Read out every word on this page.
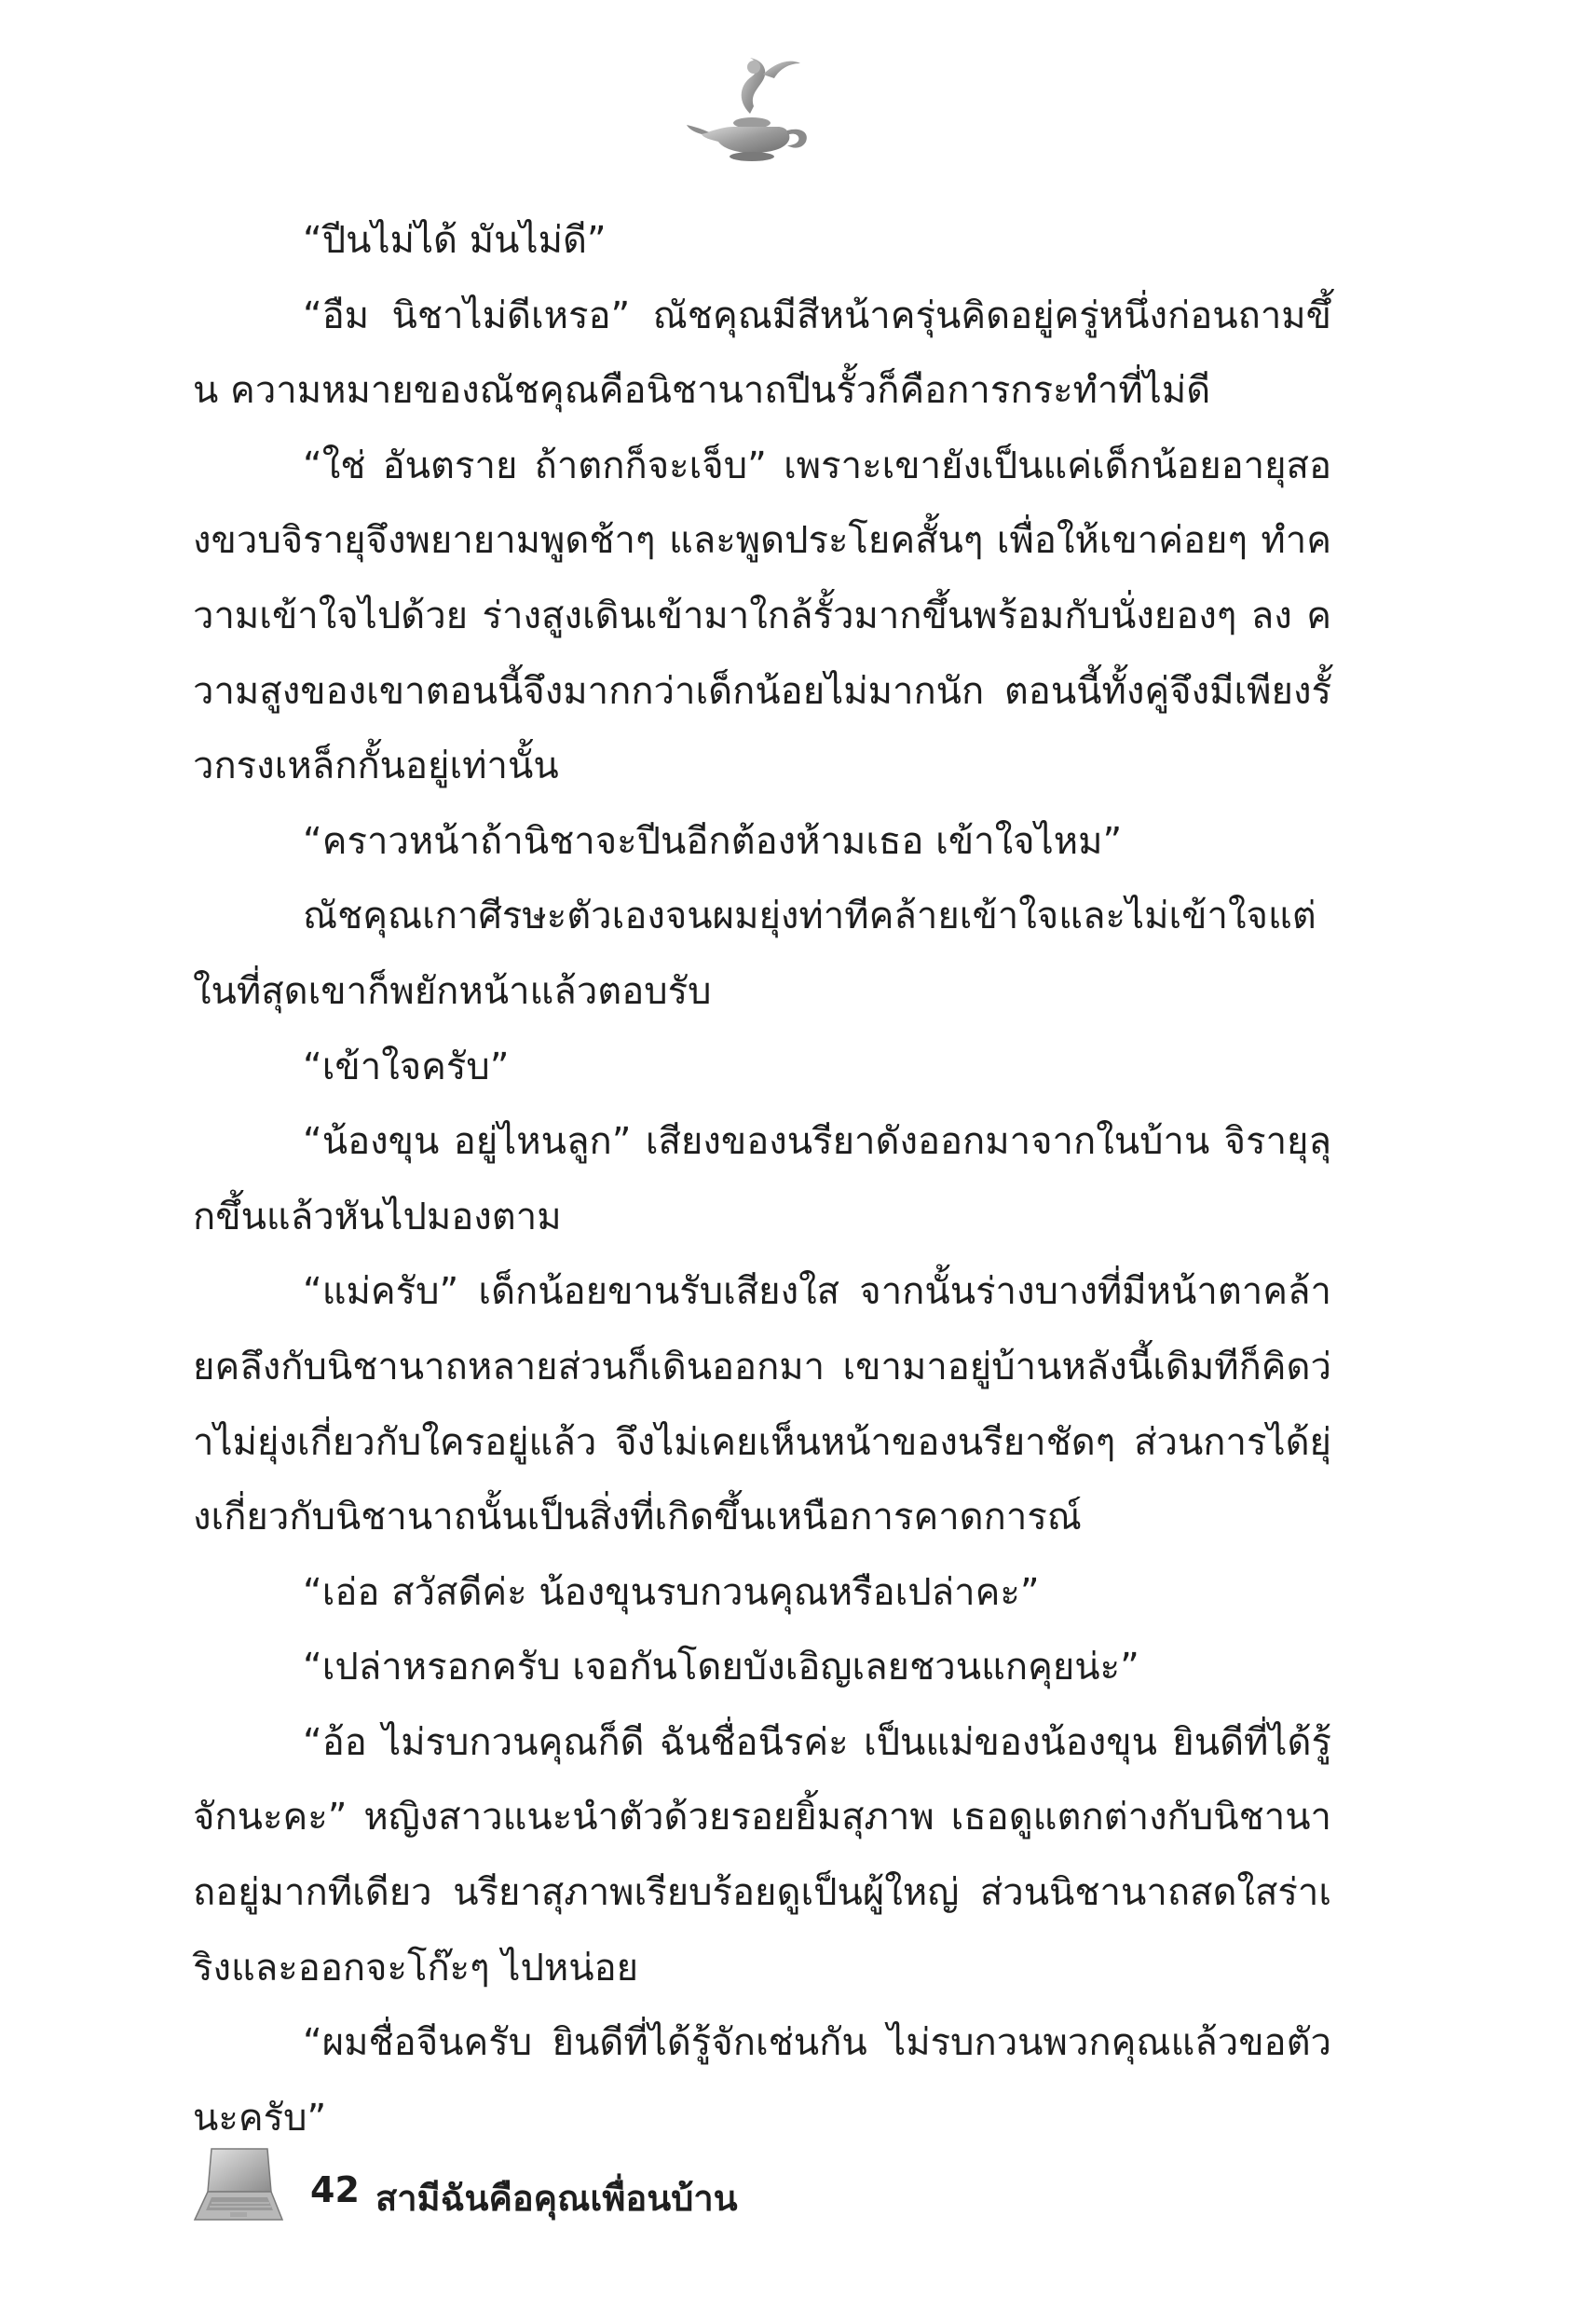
“ปีนไม่ได้ มันไม่ดี”

“อืม นิชาไม่ดีเหรอ” ณัชคุณมีสีหน้าครุ่นคิดอยู่ครู่หนึ่งก่อนถามขึ้น ความหมายของณัชคุณคือนิชานาถปีนรั้วก็คือการกระทำที่ไม่ดี

“ใช่ อันตราย ถ้าตกก็จะเจ็บ” เพราะเขายังเป็นแค่เด็กน้อยอายุสองขวบจิรายุจึงพยายามพูดช้าๆ และพูดประโยคสั้นๆ เพื่อให้เขาค่อยๆ ทำความเข้าใจไปด้วย ร่างสูงเดินเข้ามาใกล้รั้วมากขึ้นพร้อมกับนั่งยองๆ ลง ความสูงของเขาตอนนี้จึงมากกว่าเด็กน้อยไม่มากนัก ตอนนี้ทั้งคู่จึงมีเพียงรั้วกรงเหล็กกั้นอยู่เท่านั้น

“คราวหน้าถ้านิชาจะปีนอีกต้องห้ามเธอ เข้าใจไหม”

ณัชคุณเกาศีรษะตัวเองจนผมยุ่งท่าทีคล้ายเข้าใจและไม่เข้าใจแต่ในที่สุดเขาก็พยักหน้าแล้วตอบรับ

“เข้าใจครับ”

“น้องขุน อยู่ไหนลูก” เสียงของนรียาดังออกมาจากในบ้าน จิรายุลุกขึ้นแล้วหันไปมองตาม

“แม่ครับ” เด็กน้อยขานรับเสียงใส จากนั้นร่างบางที่มีหน้าตาคล้ายคลึงกับนิชานาถหลายส่วนก็เดินออกมา เขามาอยู่บ้านหลังนี้เดิมทีก็คิดว่าไม่ยุ่งเกี่ยวกับใครอยู่แล้ว จึงไม่เคยเห็นหน้าของนรียาชัดๆ ส่วนการได้ยุ่งเกี่ยวกับนิชานาถนั้นเป็นสิ่งที่เกิดขึ้นเหนือการคาดการณ์

“เอ่อ สวัสดีค่ะ น้องขุนรบกวนคุณหรือเปล่าคะ”

“เปล่าหรอกครับ เจอกันโดยบังเอิญเลยชวนแกคุยน่ะ”

“อ้อ ไม่รบกวนคุณก็ดี ฉันชื่อนีรค่ะ เป็นแม่ของน้องขุน ยินดีที่ได้รู้จักนะคะ” หญิงสาวแนะนำตัวด้วยรอยยิ้มสุภาพ เธอดูแตกต่างกับนิชานาถอยู่มากทีเดียว นรียาสุภาพเรียบร้อยดูเป็นผู้ใหญ่ ส่วนนิชานาถสดใสร่าเริงและออกจะโก๊ะๆ ไปหน่อย

“ผมชื่อจีนครับ ยินดีที่ได้รู้จักเช่นกัน ไม่รบกวนพวกคุณแล้วขอตัวนะครับ”

42 สามีฉันคือคุณเพื่อนบ้าน
